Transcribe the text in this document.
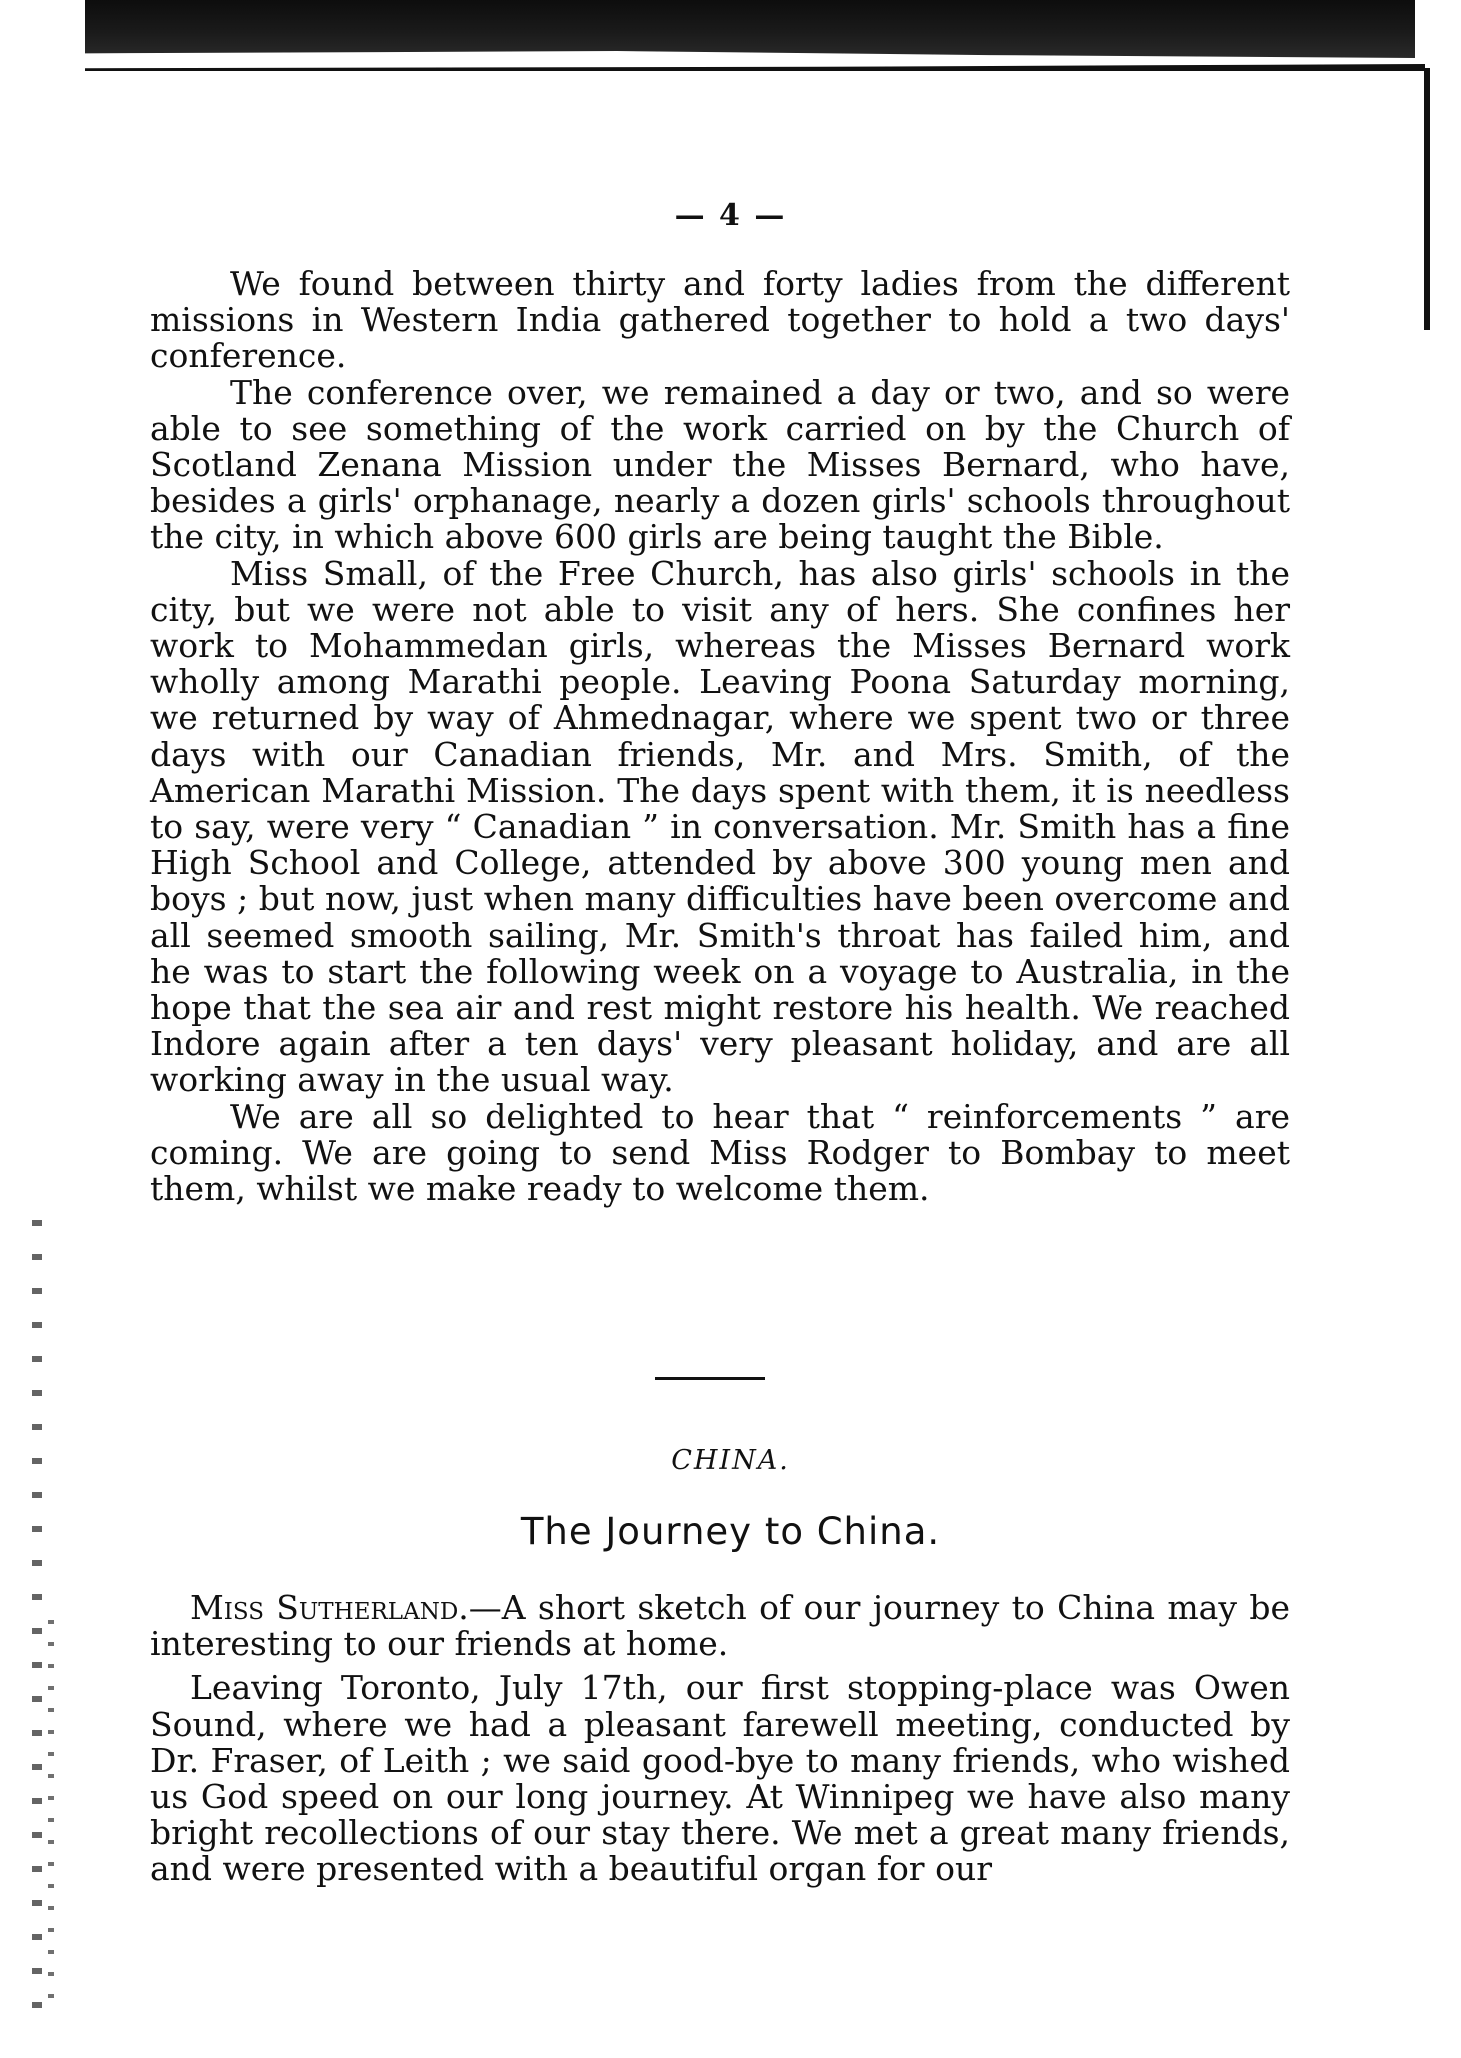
— 4 —

We found between thirty and forty ladies from the different missions in Western India gathered together to hold a two days' conference.

The conference over, we remained a day or two, and so were able to see something of the work carried on by the Church of Scotland Zenana Mission under the Misses Bernard, who have, besides a girls' orphanage, nearly a dozen girls' schools throughout the city, in which above 600 girls are being taught the Bible.

Miss Small, of the Free Church, has also girls' schools in the city, but we were not able to visit any of hers. She confines her work to Mohammedan girls, whereas the Misses Bernard work wholly among Marathi people. Leaving Poona Saturday morning, we returned by way of Ahmednagar, where we spent two or three days with our Canadian friends, Mr. and Mrs. Smith, of the American Marathi Mission. The days spent with them, it is needless to say, were very “ Canadian ” in conversation. Mr. Smith has a fine High School and College, attended by above 300 young men and boys ; but now, just when many difficulties have been overcome and all seemed smooth sailing, Mr. Smith's throat has failed him, and he was to start the following week on a voyage to Australia, in the hope that the sea air and rest might restore his health. We reached Indore again after a ten days' very pleasant holiday, and are all working away in the usual way.

We are all so delighted to hear that “ reinforcements ” are coming. We are going to send Miss Rodger to Bombay to meet them, whilst we make ready to welcome them.

CHINA.
The Journey to China.

Miss Sutherland.—A short sketch of our journey to China may be interesting to our friends at home.

Leaving Toronto, July 17th, our first stopping-place was Owen Sound, where we had a pleasant farewell meeting, conducted by Dr. Fraser, of Leith ; we said good-bye to many friends, who wished us God speed on our long journey. At Winnipeg we have also many bright recollections of our stay there. We met a great many friends, and were presented with a beautiful organ for our
